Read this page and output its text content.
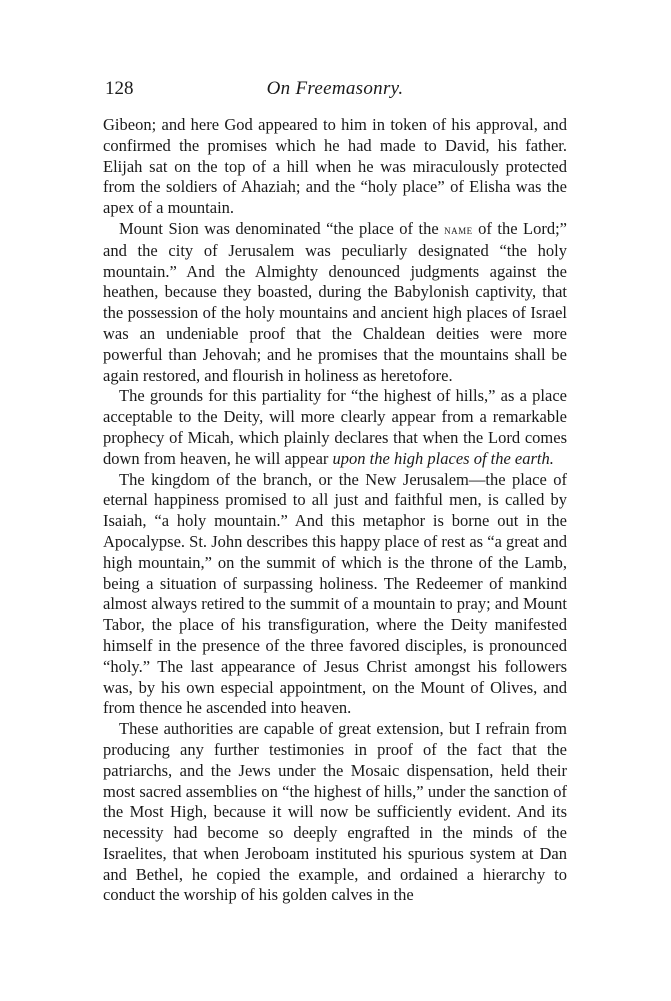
128	On Freemasonry.

Gibeon; and here God appeared to him in token of his approval, and confirmed the promises which he had made to David, his father. Elijah sat on the top of a hill when he was miraculously protected from the soldiers of Ahaziah; and the “holy place” of Elisha was the apex of a mountain.

Mount Sion was denominated “the place of the name of the Lord;” and the city of Jerusalem was peculiarly designated “the holy mountain.” And the Almighty denounced judgments against the heathen, because they boasted, during the Babylonish captivity, that the possession of the holy mountains and ancient high places of Israel was an undeniable proof that the Chaldean deities were more powerful than Jehovah; and he promises that the mountains shall be again restored, and flourish in holiness as heretofore.

The grounds for this partiality for “the highest of hills,” as a place acceptable to the Deity, will more clearly appear from a remarkable prophecy of Micah, which plainly declares that when the Lord comes down from heaven, he will appear upon the high places of the earth.

The kingdom of the branch, or the New Jerusalem—the place of eternal happiness promised to all just and faithful men, is called by Isaiah, “a holy mountain.” And this metaphor is borne out in the Apocalypse. St. John describes this happy place of rest as “a great and high mountain,” on the summit of which is the throne of the Lamb, being a situation of surpassing holiness. The Redeemer of mankind almost always retired to the summit of a mountain to pray; and Mount Tabor, the place of his transfiguration, where the Deity manifested himself in the presence of the three favored disciples, is pronounced “holy.” The last appearance of Jesus Christ amongst his followers was, by his own especial appointment, on the Mount of Olives, and from thence he ascended into heaven.

These authorities are capable of great extension, but I refrain from producing any further testimonies in proof of the fact that the patriarchs, and the Jews under the Mosaic dispensation, held their most sacred assemblies on “the highest of hills,” under the sanction of the Most High, because it will now be sufficiently evident. And its necessity had become so deeply engrafted in the minds of the Israelites, that when Jeroboam instituted his spurious system at Dan and Bethel, he copied the example, and ordained a hierarchy to conduct the worship of his golden calves in the
